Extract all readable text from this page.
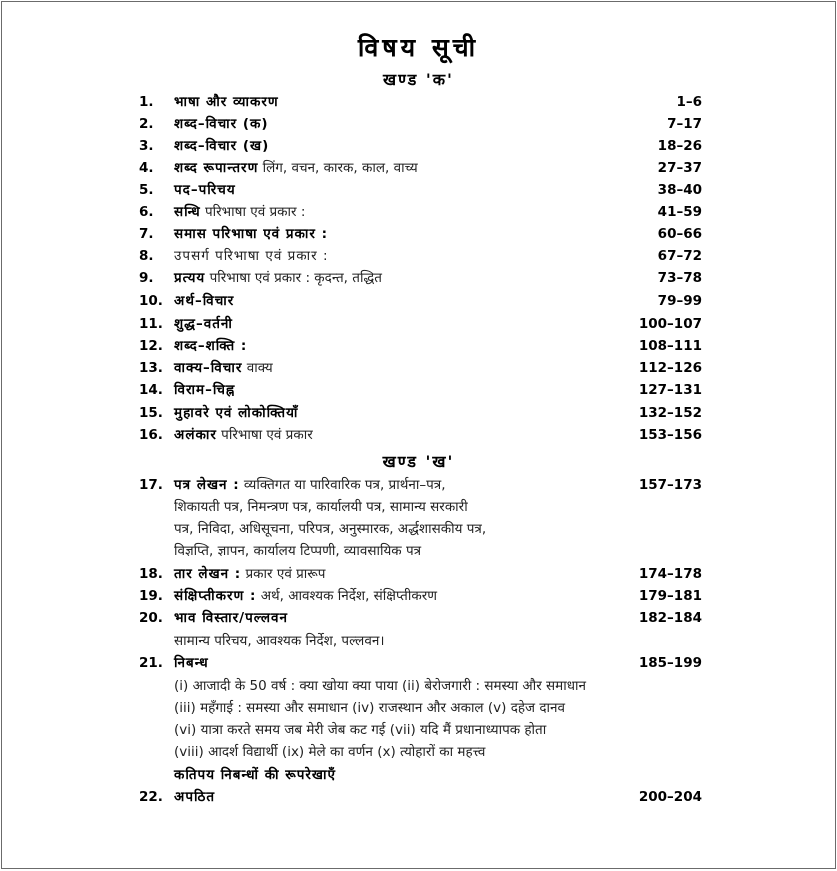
विषय सूची
खण्ड 'क'
1. भाषा और व्याकरण	1–6
2. शब्द–विचार (क)	7–17
3. शब्द–विचार (ख)	18–26
4. शब्द रूपान्तरण लिंग, वचन, कारक, काल, वाच्य	27–37
5. पद–परिचय	38–40
6. सन्धि परिभाषा एवं प्रकार :	41–59
7. समास परिभाषा एवं प्रकार :	60–66
8. उपसर्ग परिभाषा एवं प्रकार :	67–72
9. प्रत्यय परिभाषा एवं प्रकार : कृदन्त, तद्धित	73–78
10. अर्थ–विचार	79–99
11. शुद्ध–वर्तनी	100–107
12. शब्द–शक्ति :	108–111
13. वाक्य–विचार वाक्य	112–126
14. विराम–चिह्न	127–131
15. मुहावरे एवं लोकोक्तियाँ	132–152
16. अलंकार परिभाषा एवं प्रकार	153–156
खण्ड 'ख'
17. पत्र लेखन : व्यक्तिगत या पारिवारिक पत्र, प्रार्थना–पत्र,	157–173
शिकायती पत्र, निमन्त्रण पत्र, कार्यालयी पत्र, सामान्य सरकारी
पत्र, निविदा, अधिसूचना, परिपत्र, अनुस्मारक, अर्द्धशासकीय पत्र,
विज्ञप्ति, ज्ञापन, कार्यालय टिप्पणी, व्यावसायिक पत्र
18. तार लेखन : प्रकार एवं प्रारूप	174–178
19. संक्षिप्तीकरण : अर्थ, आवश्यक निर्देश, संक्षिप्तीकरण	179–181
20. भाव विस्तार/पल्लवन	182–184
सामान्य परिचय, आवश्यक निर्देश, पल्लवन।
21. निबन्ध	185–199
(i) आजादी के 50 वर्ष : क्या खोया क्या पाया (ii) बेरोजगारी : समस्या और समाधान
(iii) महँगाई : समस्या और समाधान (iv) राजस्थान और अकाल (v) दहेज दानव
(vi) यात्रा करते समय जब मेरी जेब कट गई (vii) यदि मैं प्रधानाध्यापक होता
(viii) आदर्श विद्यार्थी (ix) मेले का वर्णन (x) त्योहारों का महत्त्व
कतिपय निबन्धों की रूपरेखाएँ
22. अपठित	200–204
